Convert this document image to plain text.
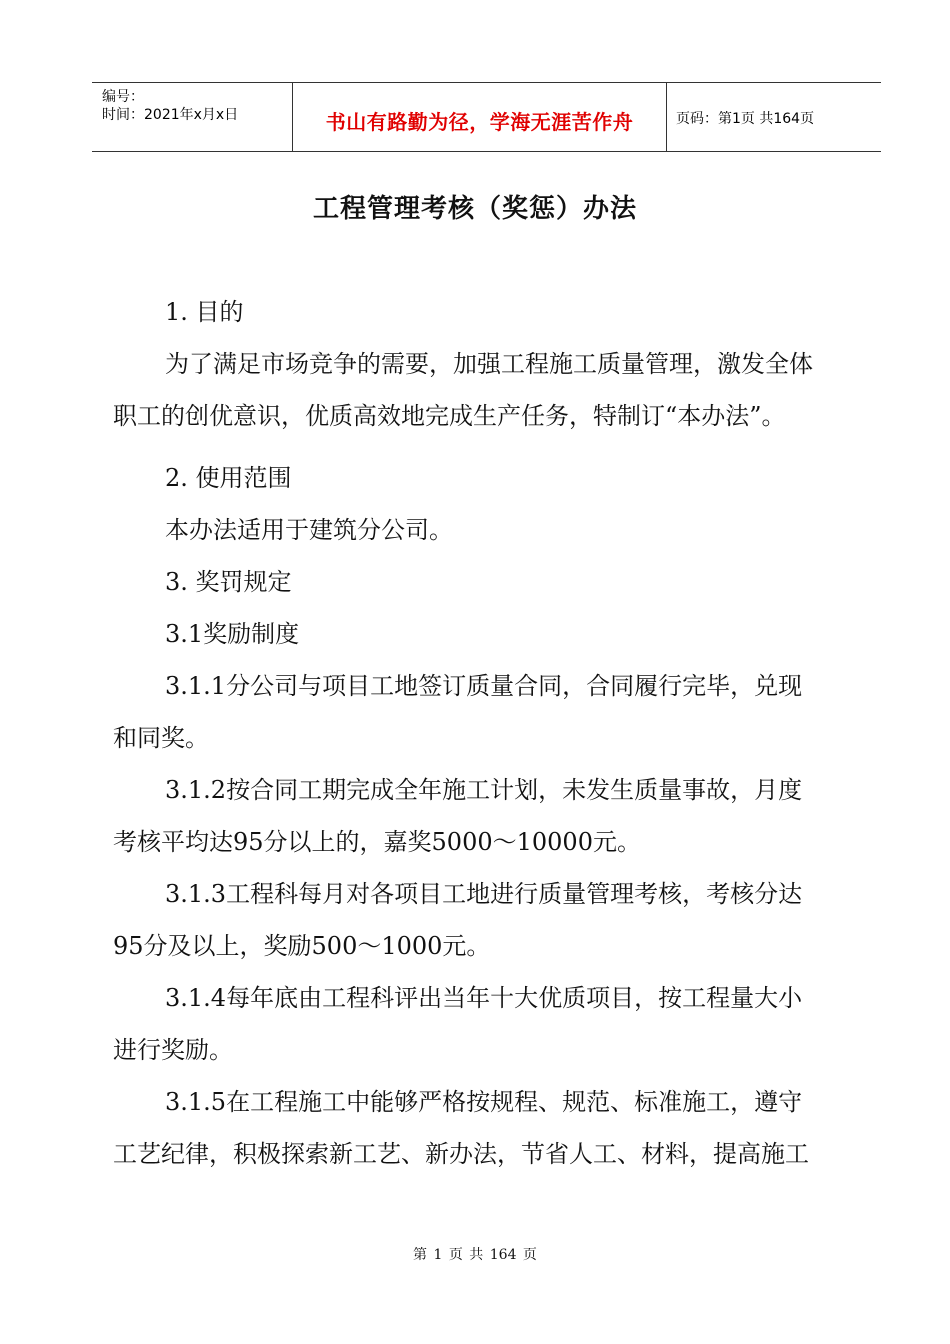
编号：
时间：2021年x月x日	书山有路勤为径，学海无涯苦作舟	页码：第1页 共164页
工程管理考核（奖惩）办法
1. 目的
为了满足市场竞争的需要，加强工程施工质量管理，激发全体
职工的创优意识，优质高效地完成生产任务，特制订“本办法”。
2. 使用范围
本办法适用于建筑分公司。
3. 奖罚规定
3.1奖励制度
3.1.1分公司与项目工地签订质量合同，合同履行完毕，兑现
和同奖。
3.1.2按合同工期完成全年施工计划，未发生质量事故，月度
考核平均达95分以上的，嘉奖5000～10000元。
3.1.3工程科每月对各项目工地进行质量管理考核，考核分达
95分及以上，奖励500～1000元。
3.1.4每年底由工程科评出当年十大优质项目，按工程量大小
进行奖励。
3.1.5在工程施工中能够严格按规程、规范、标准施工，遵守
工艺纪律，积极探索新工艺、新办法，节省人工、材料，提高施工
第 1 页 共 164 页
